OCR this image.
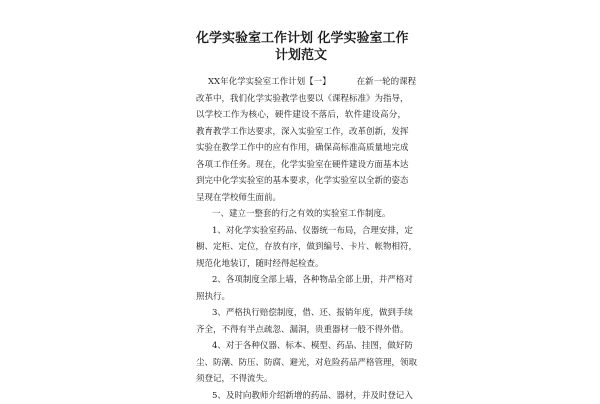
化学实验室工作计划 化学实验室工作
计划范文
XX年化学实验室工作计划【一】	在新一轮的课程
改革中，我们化学实验教学也要以《课程标准》为指导，
以学校工作为核心，硬件建设不落后，软件建设高分，
教育教学工作达要求，深入实验室工作，改革创新，发挥
实验在教学工作中的应有作用，确保高标准高质量地完成
各项工作任务。现在，化学实验室在硬件建设方面基本达
到完中化学实验室的基本要求，化学实验室以全新的姿态
呈现在学校师生面前。
一、建立一整套的行之有效的实验室工作制度。
1、对化学实验室药品、仪器统一布局，合理安排，定
橱、定柜、定位，存放有序，做到编号、卡片、帐物相符，
规范化地装订，随时经得起检查。
2、各项制度全部上墙，各种物品全部上册，并严格对
照执行。
3、严格执行赔偿制度，借、还、报销年度，做到手续
齐全，不得有半点疏忽、漏洞，贵重器材一般不得外借。
4、对于各种仪器、标本、模型、药品、挂图，做好防
尘、防潮、防压、防腐、避光，对危险药品严格管理，领取
须登记，不得流失。
5、及时向教师介绍新增的药品、器材，并及时登记入
